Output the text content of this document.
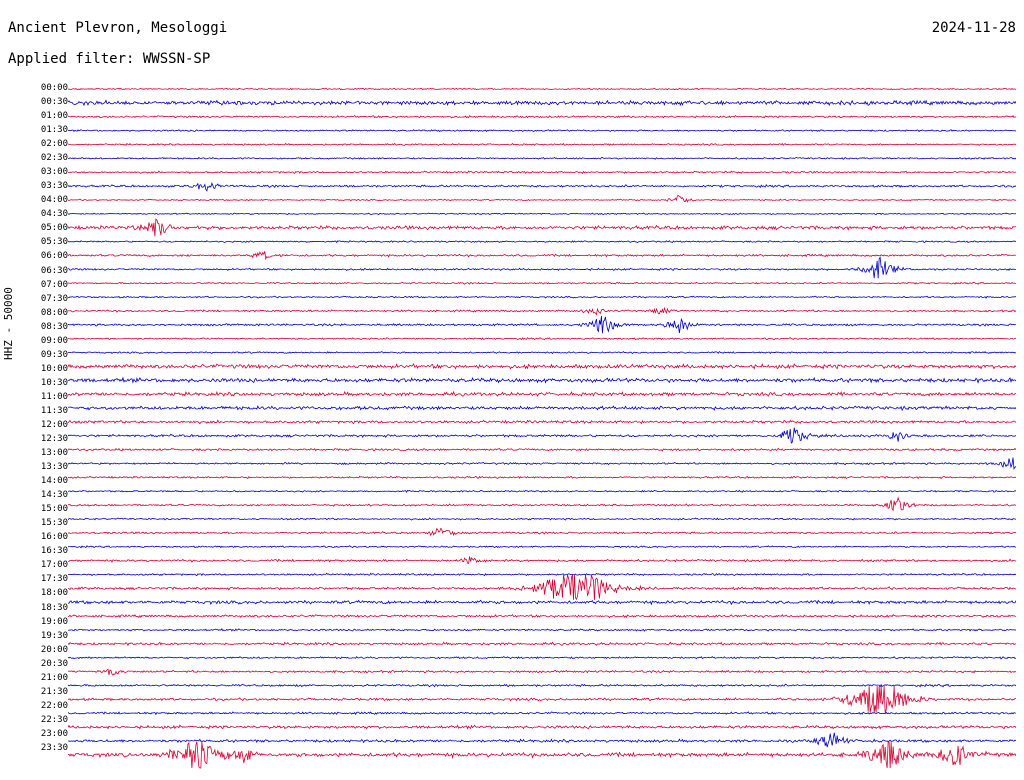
Ancient Plevron, Mesologgi	2024-11-28
Applied filter: WWSSN-SP
HHZ - 50000
00:00
00:30
01:00
01:30
02:00
02:30
03:00
03:30
04:00
04:30
05:00
05:30
06:00
06:30
07:00
07:30
08:00
08:30
09:00
09:30
10:00
10:30
11:00
11:30
12:00
12:30
13:00
13:30
14:00
14:30
15:00
15:30
16:00
16:30
17:00
17:30
18:00
18:30
19:00
19:30
20:00
20:30
21:00
21:30
22:00
22:30
23:00
23:30
